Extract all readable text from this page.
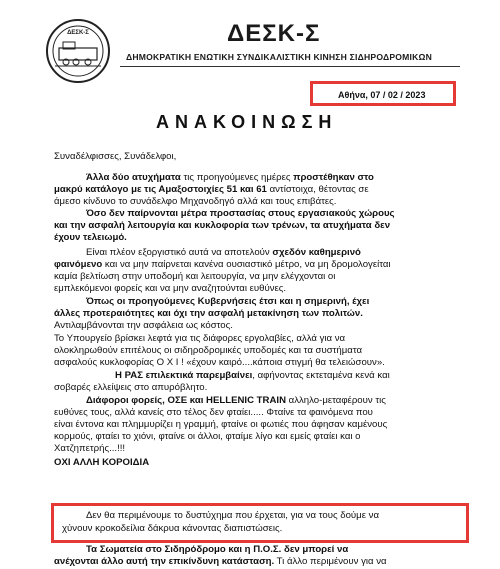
ΔΕΣΚ-Σ	ΔΕΣΚ-Σ
ΔΗΜΟΚΡΑΤΙΚΗ ΕΝΩΤΙΚΗ ΣΥΝΔΙΚΑΛΙΣΤΙΚΗ ΚΙΝΗΣΗ ΣΙΔΗΡΟΔΡΟΜΙΚΩΝ
Αθήνα, 07 / 02 / 2023
ΑΝΑΚΟΙΝΩΣΗ
Συναδέλφισσες, Συνάδελφοι,
Άλλα δύο ατυχήματα τις προηγούμενες ημέρες προστέθηκαν στο
μακρύ κατάλογο με τις Αμαξοστοιχίες 51 και 61 αντίστοιχα, θέτοντας σε
άμεσο κίνδυνο το συνάδελφο Μηχανοδηγό αλλά και τους επιβάτες.
Όσο δεν παίρνονται μέτρα προστασίας στους εργασιακούς χώρους
και την ασφαλή λειτουργία και κυκλοφορία των τρένων, τα ατυχήματα δεν
έχουν τελειωμό.
Είναι πλέον εξοργιστικό αυτά να αποτελούν σχεδόν καθημερινό
φαινόμενο και να μην παίρνεται κανένα ουσιαστικό μέτρο, να μη δρομολογείται
καμία βελτίωση στην υποδομή και λειτουργία, να μην ελέγχονται οι
εμπλεκόμενοι φορείς και να μην αναζητούνται ευθύνες.
Όπως οι προηγούμενες Κυβερνήσεις έτσι και η σημερινή, έχει
άλλες προτεραιότητες και όχι την ασφαλή μετακίνηση των πολιτών.
Αντιλαμβάνονται την ασφάλεια ως κόστος.
Το Υπουργείο βρίσκει λεφτά για τις διάφορες εργολαβίες, αλλά για να
ολοκληρωθούν επιτέλους οι σιδηροδρομικές υποδομές και τα συστήματα
ασφαλούς κυκλοφορίας Ο Χ Ι ! «έχουν καιρό....κάποια στιγμή θα τελειώσουν».
Η ΡΑΣ επιλεκτικά παρεμβαίνει, αφήνοντας εκτεταμένα κενά και
σοβαρές ελλείψεις στο απυρόβλητο.
Διάφοροι φορείς, ΟΣΕ και HELLENIC TRAIN αλληλο-μεταφέρουν τις
ευθύνες τους, αλλά κανείς στο τέλος δεν φταίει..... Φταίνε τα φαινόμενα που
είναι έντονα και πλημμυρίζει η γραμμή, φταίνε οι φωτιές που άφησαν καμένους
κορμούς, φταίει το χιόνι, φταίνε οι άλλοι, φταίμε λίγο και εμείς φταίει και ο
Χατζηπετρής...!!!
ΟΧΙ ΑΛΛΗ ΚΟΡΟΙΔΙΑ
Δεν θα περιμένουμε το δυστύχημα που έρχεται, για να τους δούμε να
χύνουν κροκοδείλια δάκρυα κάνοντας διαπιστώσεις.
Τα Σωματεία στο Σιδηρόδρομο και η Π.Ο.Σ. δεν μπορεί να
ανέχονται άλλο αυτή την επικίνδυνη κατάσταση. Τι άλλο περιμένουν για να
